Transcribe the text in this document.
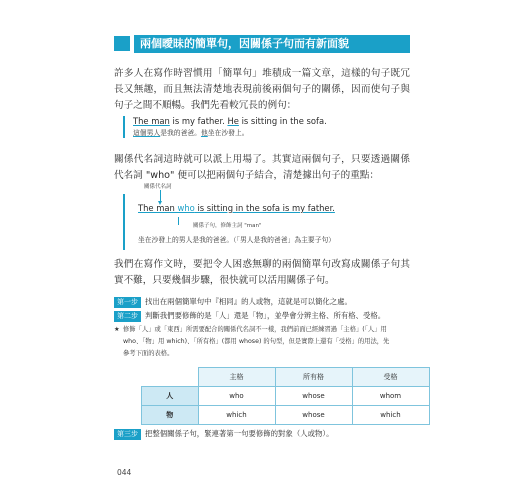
兩個曖昧的簡單句，因關係子句而有新面貌
許多人在寫作時習慣用「簡單句」堆積成一篇文章，這樣的句子既冗長又無趣，而且無法清楚地表現前後兩個句子的關係，因而使句子與句子之間不順暢。我們先看較冗長的例句：
The man is my father. He is sitting in the sofa.
這個男人是我的爸爸。他坐在沙發上。
關係代名詞這時就可以派上用場了。其實這兩個句子，只要透過關係代名詞 "who" 便可以把兩個句子結合，清楚據出句子的重點：
關係代名詞
The man who is sitting in the sofa is my father.
關係子句，修飾主詞 "man"
坐在沙發上的男人是我的爸爸。（「男人是我的爸爸」為主要子句）
我們在寫作文時，要把令人困惑無聊的兩個簡單句改寫成關係子句其實不難，只要幾個步驟，很快就可以活用關係子句。
第一步 找出在兩個簡單句中『相同』的人或物，這就是可以簡化之處。
第二步 判斷我們要修飾的是「人」還是「物」，並學會分辨主格、所有格、受格。
★ 修飾「人」或「東西」所需要配合的關係代名詞不一樣，我們前面已經練習過「主格」(「人」用 who、「物」用 which)、「所有格」(都用 whose) 的句型，但是實際上還有「受格」的用法，先參考下面的表格。
	主格	所有格	受格
人	who	whose	whom
物	which	whose	which
第三步 把整個關係子句，緊連著第一句要修飾的對象（人或物）。
044
